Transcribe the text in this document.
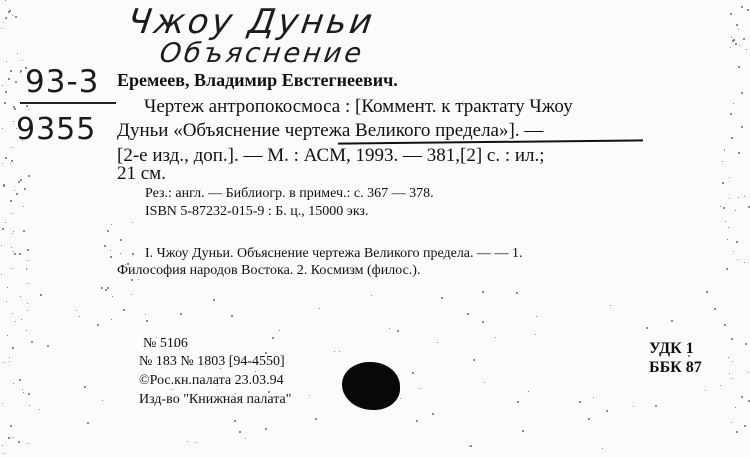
Чжоу Дуньи
Объяснение
93-3
9355
Еремеев, Владимир Евстегнеевич.
Чертеж антропокосмоса : [Коммент. к трактату Чжоу
Дуньи «Объяснение чертежа Великого предела»]. —
[2-е изд., доп.]. — М. : АСМ, 1993. — 381,[2] с. : ил.;
21 см.
Рез.: англ. — Библиогр. в примеч.: с. 367 — 378.
ISBN 5-87232-015-9 : Б. ц., 15000 экз.
I. Чжоу Дуньи. Объяснение чертежа Великого предела. — — 1.
Философия народов Востока. 2. Космизм (филос.).
№ 5106
№ 183 № 1803 [94-4550]
©Рос.кн.палата 23.03.94
Изд-во "Книжная палата"
УДК 1
ББК 87
